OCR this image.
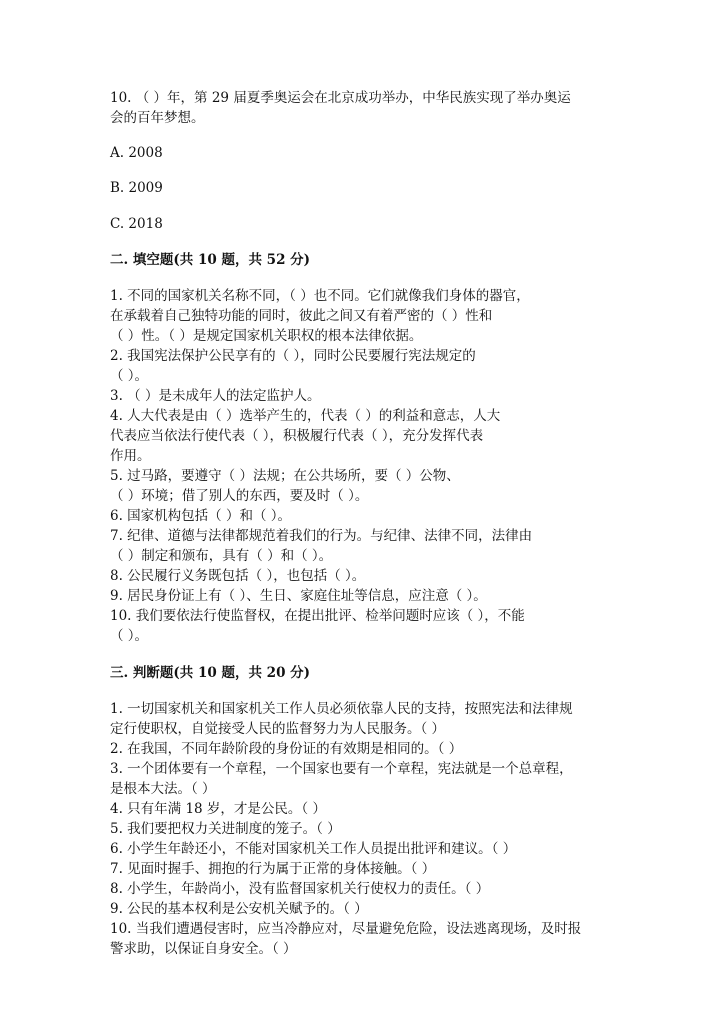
10. （ ）年，第 29 届夏季奥运会在北京成功举办，中华民族实现了举办奥运
会的百年梦想。
A. 2008
B. 2009
C. 2018
二. 填空题(共 10 题，共 52 分)
1. 不同的国家机关名称不同，（ ）也不同。它们就像我们身体的器官，
在承载着自己独特功能的同时，彼此之间又有着严密的（ ）性和
（ ）性。（ ）是规定国家机关职权的根本法律依据。
2. 我国宪法保护公民享有的（ ），同时公民要履行宪法规定的
（ ）。
3. （ ）是未成年人的法定监护人。
4. 人大代表是由（ ）选举产生的，代表（ ）的利益和意志，人大
代表应当依法行使代表（ ），积极履行代表（ ），充分发挥代表
作用。
5. 过马路，要遵守（ ）法规；在公共场所，要（ ）公物、
（ ）环境；借了别人的东西，要及时（ ）。
6. 国家机构包括（ ）和（ ）。
7. 纪律、道德与法律都规范着我们的行为。与纪律、法律不同，法律由
（ ）制定和颁布，具有（ ）和（ ）。
8. 公民履行义务既包括（ ），也包括（ ）。
9. 居民身份证上有（ ）、生日、家庭住址等信息，应注意（ ）。
10. 我们要依法行使监督权，在提出批评、检举问题时应该（ ），不能
（ ）。
三. 判断题(共 10 题，共 20 分)
1. 一切国家机关和国家机关工作人员必须依靠人民的支持，按照宪法和法律规
定行使职权，自觉接受人民的监督努力为人民服务。（ ）
2. 在我国，不同年龄阶段的身份证的有效期是相同的。（ ）
3. 一个团体要有一个章程，一个国家也要有一个章程，宪法就是一个总章程，
是根本大法。（ ）
4. 只有年满 18 岁，才是公民。（ ）
5. 我们要把权力关进制度的笼子。（ ）
6. 小学生年龄还小，不能对国家机关工作人员提出批评和建议。（ ）
7. 见面时握手、拥抱的行为属于正常的身体接触。（ ）
8. 小学生，年龄尚小，没有监督国家机关行使权力的责任。（ ）
9. 公民的基本权利是公安机关赋予的。（ ）
10. 当我们遭遇侵害时，应当冷静应对，尽量避免危险，设法逃离现场，及时报
警求助，以保证自身安全。（ ）
